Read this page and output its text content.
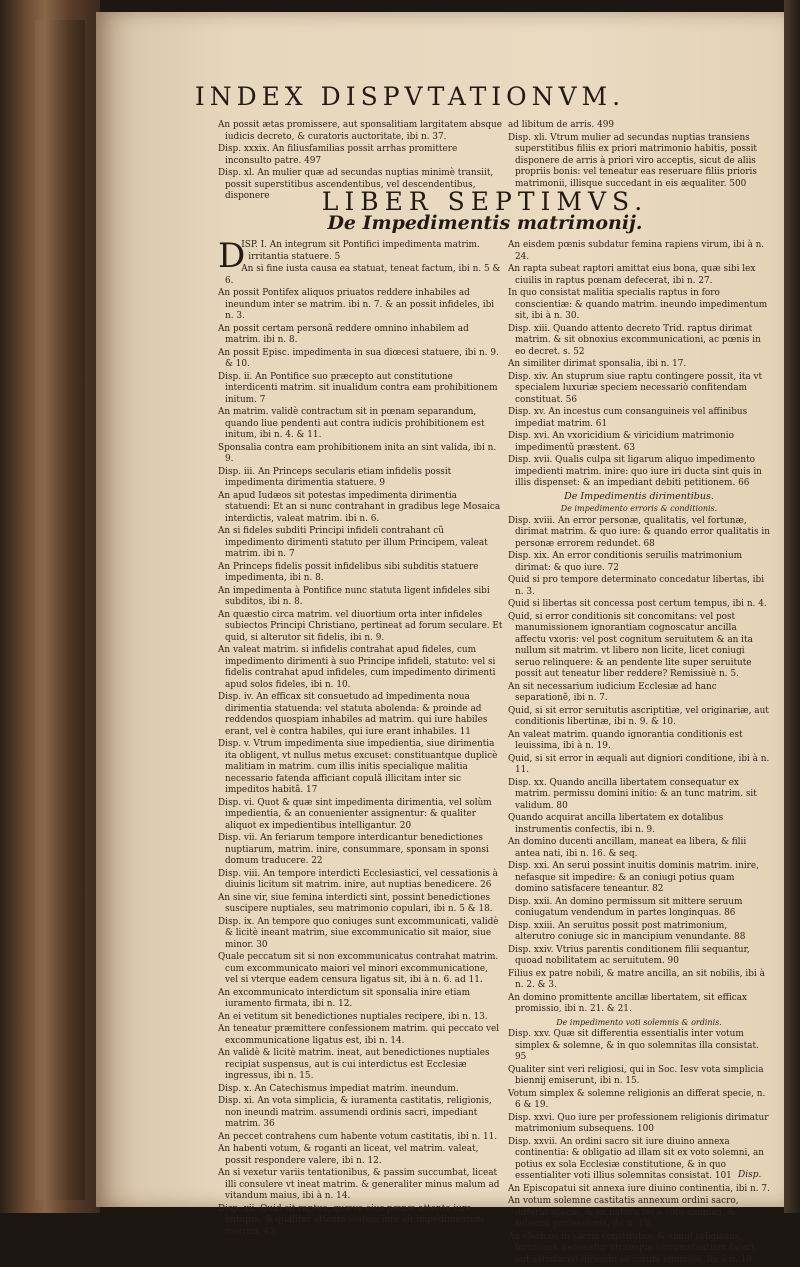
INDEX DISPVTATIONVM.

An possit ætas promissere, aut sponsalitiam largitatem absque iudicis decreto, & curatoris auctoritate, ibi n. 37.

Disp. xxxix. An filiusfamilias possit arrhas promittere inconsulto patre. 497

Disp. xl. An mulier quæ ad secundas nuptias minimè transiit, possit superstitibus ascendentibus, vel descendentibus, disponere

ad libitum de arris. 499

Disp. xli. Vtrum mulier ad secundas nuptias transiens superstitibus filiis ex priori matrimonio habitis, possit disponere de arris à priori viro acceptis, sicut de aliis propriis bonis: vel teneatur eas reseruare filiis prioris matrimonii, illisque succedant in eis æqualiter. 500

LIBER SEPTIMVS.
De Impedimentis matrimonij.
D

ISP. I. An integrum sit Pontifici impedimenta matrim. irritantia statuere. 5

An si fine iusta causa ea statuat, teneat factum, ibi n. 5 & 6.

An possit Pontifex aliquos priuatos reddere inhabiles ad ineundum inter se matrim. ibi n. 7. & an possit infideles, ibi n. 3.

An possit certam personã reddere omnino inhabilem ad matrim. ibi n. 8.

An possit Episc. impedimenta in sua diœcesi statuere, ibi n. 9. & 10.

Disp. ii. An Pontifice suo præcepto aut constitutione interdicenti matrim. sit inualidum contra eam prohibitionem initum. 7

An matrim. validè contractum sit in pœnam separandum, quando liue pendenti aut contra iudicis prohibitionem est initum, ibi n. 4. & 11.

Sponsalia contra eam prohibitionem inita an sint valida, ibi n. 9.

Disp. iii. An Princeps secularis etiam infidelis possit impedimenta dirimentia statuere. 9

An apud Iudæos sit potestas impedimenta dirimentia statuendi: Et an si nunc contrahant in gradibus lege Mosaica interdictis, valeat matrim. ibi n. 6.

An si fideles subditi Principi infideli contrahant cũ impedimento dirimenti statuto per illum Principem, valeat matrim. ibi n. 7

An Princeps fidelis possit infidelibus sibi subditis statuere impedimenta, ibi n. 8.

An impedimenta à Pontifice nunc statuta ligent infideles sibi subditos, ibi n. 8.

An quæstio circa matrim. vel diuortium orta inter infideles subiectos Principi Christiano, pertineat ad forum seculare. Et quid, si alterutor sit fidelis, ibi n. 9.

An valeat matrim. si infidelis contrahat apud fideles, cum impedimento dirimenti à suo Principe infideli, statuto: vel si fidelis contrahat apud infideles, cum impedimento dirimenti apud solos fideles, ibi n. 10.

Disp. iv. An efficax sit consuetudo ad impedimenta noua dirimentia statuenda: vel statuta abolenda: & proinde ad reddendos quospiam inhabiles ad matrim. qui iure habiles erant, vel è contra habiles, qui iure erant inhabiles. 11

Disp. v. Vtrum impedimenta siue impedientia, siue dirimentia ita obligent, vt nullus metus excuset: constituantque duplicè malitiam in matrim. cum illis initis specialique malitia necessario fatenda afficiant copulã illicitam inter sic impeditos habitã. 17

Disp. vi. Quot & quæ sint impedimenta dirimentia, vel solùm impedientia, & an conuenienter assignentur: & qualiter aliquot ex impedientibus intelligantur. 20

Disp. vii. An feriarum tempore interdicantur benedictiones nuptiarum, matrim. inire, consummare, sponsam in sponsi domum traducere. 22

Disp. viii. An tempore interdicti Ecclesiastici, vel cessationis à diuinis licitum sit matrim. inire, aut nuptias benedicere. 26

An sine vir, siue femina interdicti sint, possint benedictiones suscipere nuptiales, seu matrimonio copulari, ibi n. 5 & 18.

Disp. ix. An tempore quo coniuges sunt excommunicati, validè & licitè ineant matrim, siue excommunicatio sit maior, siue minor. 30

Quale peccatum sit si non excommunicatus contrahat matrim. cum excommunicato maiori vel minori excommunicatione, vel si vterque eadem censura ligatus sit, ibi à n. 6. ad 11.

An excommunicato interdictum sit sponsalia inire etiam iuramento firmata, ibi n. 12.

An ei vetitum sit benedictiones nuptiales recipere, ibi n. 13.

An teneatur præmittere confessionem matrim. qui peccato vel excommunicatione ligatus est, ibi n. 14.

An validè & licitè matrim. ineat, aut benedictiones nuptiales recipiat suspensus, aut is cui interdictus est Ecclesiæ ingressus, ibi n. 15.

Disp. x. An Catechismus impediat matrim. ineundum.

Disp. xi. An vota simplicia, & iuramenta castitatis, religionis, non ineundi matrim. assumendi ordinis sacri, impediant matrim. 36

An peccet contrahens cum habente votum castitatis, ibi n. 11.

An habenti votum, & roganti an liceat, vel matrim. valeat, possit respondere valere, ibi n. 12.

An si vexetur variis tentationibus, & passim succumbat, liceat illi consulere vt ineat matrim. & generaliter minus malum ad vitandum maius, ibi à n. 14.

Disp. xii. Quid sit raptus, quæve eius pœnæ attento iure antiquo, & qualiter attento eodem iure sit impedimentum matrim. 43

An eisdem pœnis subdatur femina rapiens virum, ibi à n. 24.

An rapta subeat raptori amittat eius bona, quæ sibi lex ciuilis in raptus pœnam defecerat, ibi n. 27.

In quo consistat malitia specialis raptus in foro conscientiæ: & quando matrim. ineundo impedimentum sit, ibi à n. 30.

Disp. xiii. Quando attento decreto Trid. raptus dirimat matrim. & sit obnoxius excommunicationi, ac pœnis in eo decret. s. 52

An similiter dirimat sponsalia, ibi n. 17.

Disp. xiv. An stuprum siue raptu contingere possit, ita vt specialem luxuriæ speciem necessariò confitendam constituat. 56

Disp. xv. An incestus cum consanguineis vel affinibus impediat matrim. 61

Disp. xvi. An vxoricidium & viricidium matrimonio impedimentũ præstent. 63

Disp. xvii. Qualis culpa sit ligarum aliquo impedimento impedienti matrim. inire: quo iure iri ducta sint quis in illis dispenset: & an impediant debiti petitionem. 66

De Impedimentis dirimentibus.

De impedimento erroris & conditionis.

Disp. xviii. An error personæ, qualitatis, vel fortunæ, dirimat matrim. & quo iure: & quando error qualitatis in personæ errorem redundet. 68

Disp. xix. An error conditionis seruilis matrimonium dirimat: & quo iure. 72

Quid si pro tempore determinato concedatur libertas, ibi n. 3.

Quid si libertas sit concessa post certum tempus, ibi n. 4.

Quid, si error conditionis sit concomitans: vel post manumissionem ignorantiam cognoscatur ancilla affectu vxoris: vel post cognitum seruitutem & an ita nullum sit matrim. vt libero non licite, licet coniugi seruo relinquere: & an pendente lite super seruitute possit aut teneatur liber reddere? Remissiuè n. 5.

An sit necessarium iudicium Ecclesiæ ad hanc separationẽ, ibi n. 7.

Quid, si sit error seruitutis ascriptitiæ, vel originariæ, aut conditionis libertinæ, ibi n. 9. & 10.

An valeat matrim. quando ignorantia conditionis est leuissima, ibi à n. 19.

Quid, si sit error in æquali aut digniori conditione, ibi à n. 11.

Disp. xx. Quando ancilla libertatem consequatur ex matrim. permissu domini initio: & an tunc matrim. sit validum. 80

Quando acquirat ancilla libertatem ex dotalibus instrumentis confectis, ibi n. 9.

An domino ducenti ancillam, maneat ea libera, & filii antea nati, ibi n. 16. & seq.

Disp. xxi. An serui possint inuitis dominis matrim. inire, nefasque sit impedire: & an coniugi potius quam domino satisfacere teneantur. 82

Disp. xxii. An domino permissum sit mittere seruum coniugatum vendendum in partes longinquas. 86

Disp. xxiii. An seruitus possit post matrimonium, alterutro coniuge sic in mancipium venundante. 88

Disp. xxiv. Vtrius parentis conditionem filii sequantur, quoad nobilitatem ac seruitutem. 90

Filius ex patre nobili, & matre ancilla, an sit nobilis, ibi à n. 2. & 3.

An domino promittente ancillæ libertatem, sit efficax promissio, ibi n. 21. & 21.

De impedimento voti solemnis & ordinis.

Disp. xxv. Quæ sit differentia essentialis inter votum simplex & solemne, & in quo solemnitas illa consistat. 95

Qualiter sint veri religiosi, qui in Soc. Iesv vota simplicia biennij emiserunt, ibi n. 15.

Votum simplex & solemne religionis an differat specie, n. 6 & 19.

Disp. xxvi. Quo iure per professionem religionis dirimatur matrimonium subsequens. 100

Disp. xxvii. An ordini sacro sit iure diuino annexa continentia: & obligatio ad illam sit ex voto solemni, an potius ex sola Ecclesiæ constitutione, & in quo essentialiter voti illius solemnitas consistat. 101

An Episcopatui sit annexa iure diuino continentia, ibi n. 7.

An votum solemne castitatis annexum ordini sacro, differat specie, & ex natura rei à voto simplici, & solemni professionis, ibi n. 18.

An clericus in sacris constitutus, & simul religiosus, fornicans, censeatur vtramque circumstantiam fateri, aut satisfaciat dicendo se votum emisisse, ibi à n. 19.

Disp.
